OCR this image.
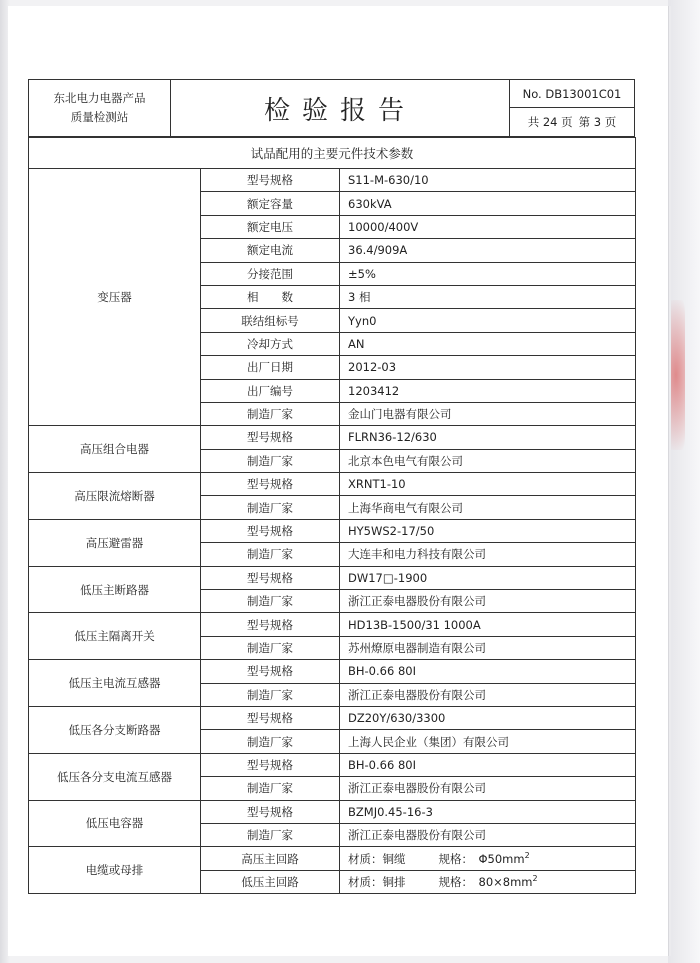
东北电力电器产品
质量检测站	检验报告
No. DB13001C01
共 24 页 第 3 页
试品配用的主要元件技术参数		
变压器	型号规格	S11-M-630/10
	额定容量	630kVA
	额定电压	10000/400V
	额定电流	36.4/909A
	分接范围	±5%
	相　　数	3 相
	联结组标号	Yyn0
	冷却方式	AN
	出厂日期	2012-03
	出厂编号	1203412
	制造厂家	金山门电器有限公司
高压组合电器	型号规格	FLRN36-12/630
	制造厂家	北京本色电气有限公司
高压限流熔断器	型号规格	XRNT1-10
	制造厂家	上海华商电气有限公司
高压避雷器	型号规格	HY5WS2-17/50
	制造厂家	大连丰和电力科技有限公司
低压主断路器	型号规格	DW17□-1900
	制造厂家	浙江正泰电器股份有限公司
低压主隔离开关	型号规格	HD13B-1500/31 1000A
	制造厂家	苏州燎原电器制造有限公司
低压主电流互感器	型号规格	BH-0.66 80I
	制造厂家	浙江正泰电器股份有限公司
低压各分支断路器	型号规格	DZ20Y/630/3300
	制造厂家	上海人民企业（集团）有限公司
低压各分支电流互感器	型号规格	BH-0.66 80I
	制造厂家	浙江正泰电器股份有限公司
低压电容器	型号规格	BZMJ0.45-16-3
	制造厂家	浙江正泰电器股份有限公司
电缆或母排	高压主回路	材质：铜缆 规格： $\Phi 50mm^2$
	低压主回路	材质：铜排 规格： $80\times 8mm^2$
